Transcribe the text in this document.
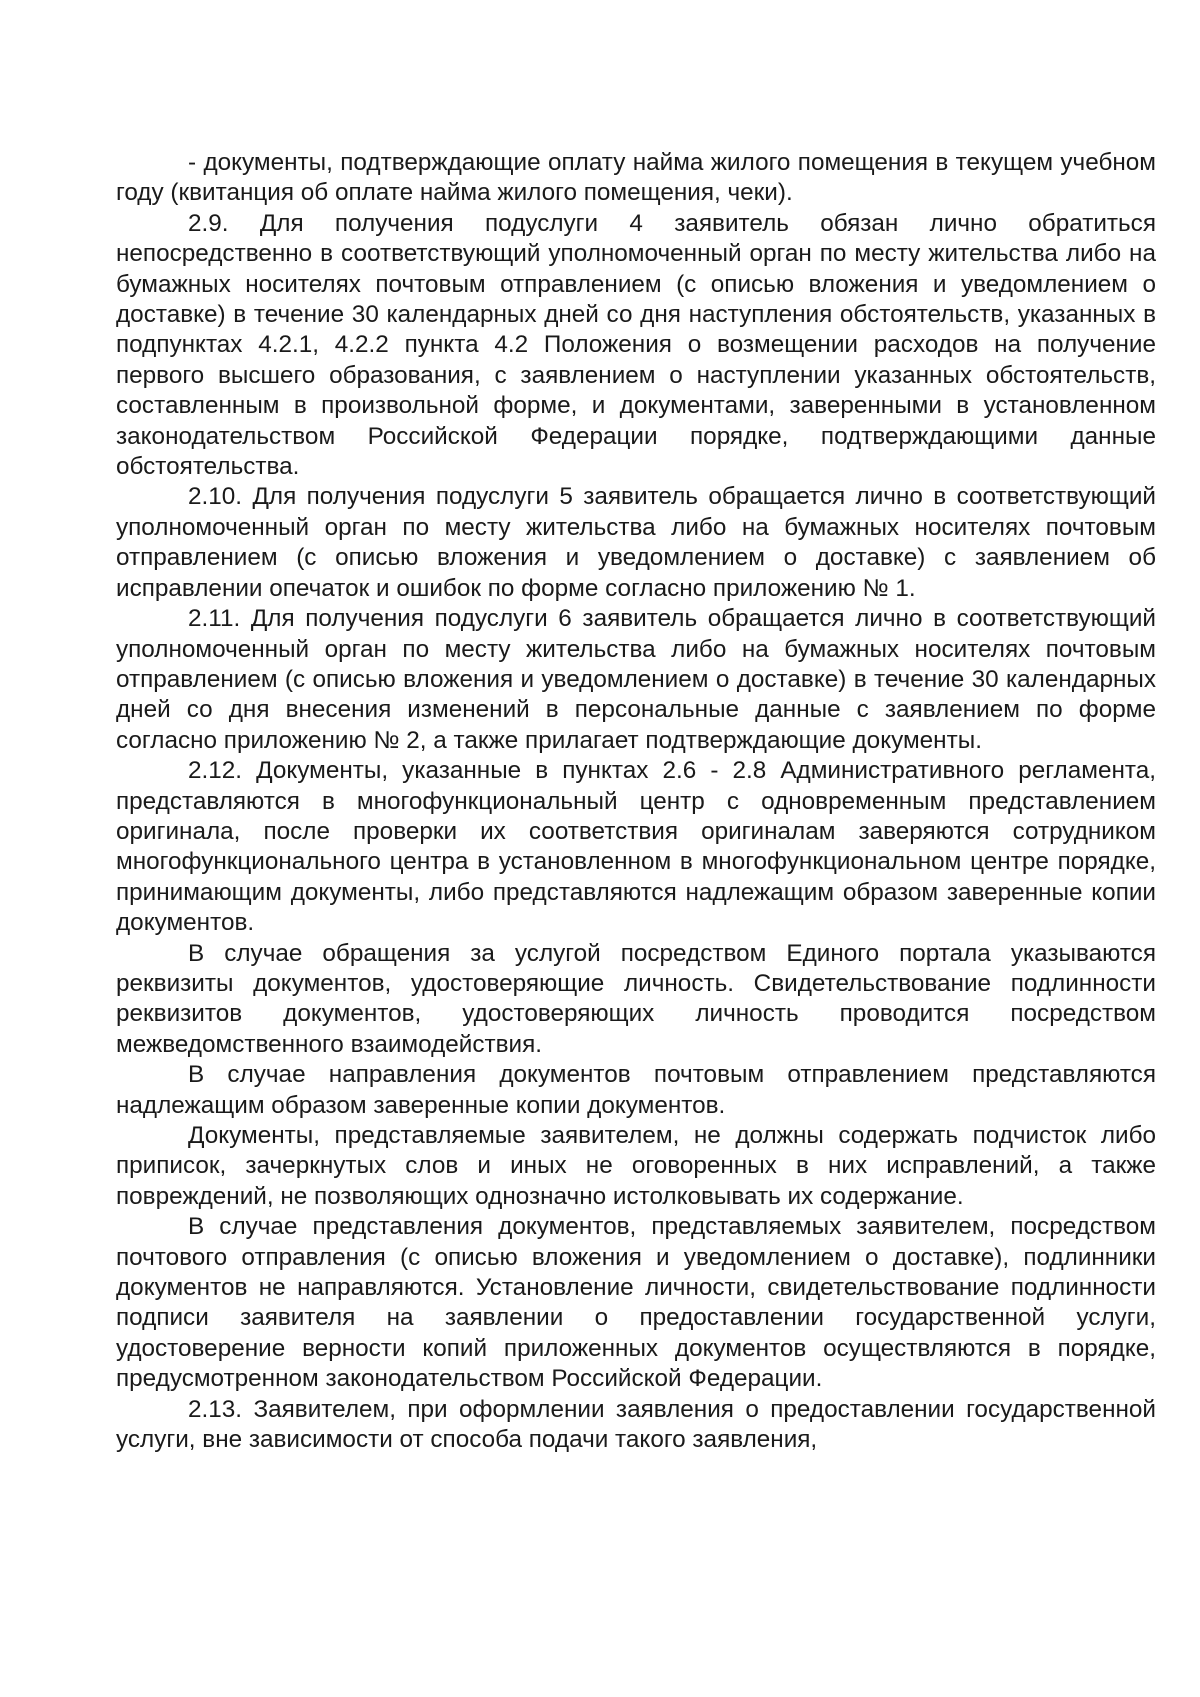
- документы, подтверждающие оплату найма жилого помещения в текущем учебном году (квитанция об оплате найма жилого помещения, чеки).

2.9. Для получения подуслуги 4 заявитель обязан лично обратиться непосредственно в соответствующий уполномоченный орган по месту жительства либо на бумажных носителях почтовым отправлением (с описью вложения и уведомлением о доставке) в течение 30 календарных дней со дня наступления обстоятельств, указанных в подпунктах 4.2.1, 4.2.2 пункта 4.2 Положения о возмещении расходов на получение первого высшего образования, с заявлением о наступлении указанных обстоятельств, составленным в произвольной форме, и документами, заверенными в установленном законодательством Российской Федерации порядке, подтверждающими данные обстоятельства.

2.10. Для получения подуслуги 5 заявитель обращается лично в соответствующий уполномоченный орган по месту жительства либо на бумажных носителях почтовым отправлением (с описью вложения и уведомлением о доставке) с заявлением об исправлении опечаток и ошибок по форме согласно приложению № 1.

2.11. Для получения подуслуги 6 заявитель обращается лично в соответствующий уполномоченный орган по месту жительства либо на бумажных носителях почтовым отправлением (с описью вложения и уведомлением о доставке) в течение 30 календарных дней со дня внесения изменений в персональные данные с заявлением по форме согласно приложению № 2, а также прилагает подтверждающие документы.

2.12. Документы, указанные в пунктах 2.6 - 2.8 Административного регламента, представляются в многофункциональный центр с одновременным представлением оригинала, после проверки их соответствия оригиналам заверяются сотрудником многофункционального центра в установленном в многофункциональном центре порядке, принимающим документы, либо представляются надлежащим образом заверенные копии документов.

В случае обращения за услугой посредством Единого портала указываются реквизиты документов, удостоверяющие личность. Свидетельствование подлинности реквизитов документов, удостоверяющих личность проводится посредством межведомственного взаимодействия.

В случае направления документов почтовым отправлением представляются надлежащим образом заверенные копии документов.

Документы, представляемые заявителем, не должны содержать подчисток либо приписок, зачеркнутых слов и иных не оговоренных в них исправлений, а также повреждений, не позволяющих однозначно истолковывать их содержание.

В случае представления документов, представляемых заявителем, посредством почтового отправления (с описью вложения и уведомлением о доставке), подлинники документов не направляются. Установление личности, свидетельствование подлинности подписи заявителя на заявлении о предоставлении государственной услуги, удостоверение верности копий приложенных документов осуществляются в порядке, предусмотренном законодательством Российской Федерации.

2.13. Заявителем, при оформлении заявления о предоставлении государственной услуги, вне зависимости от способа подачи такого заявления,
